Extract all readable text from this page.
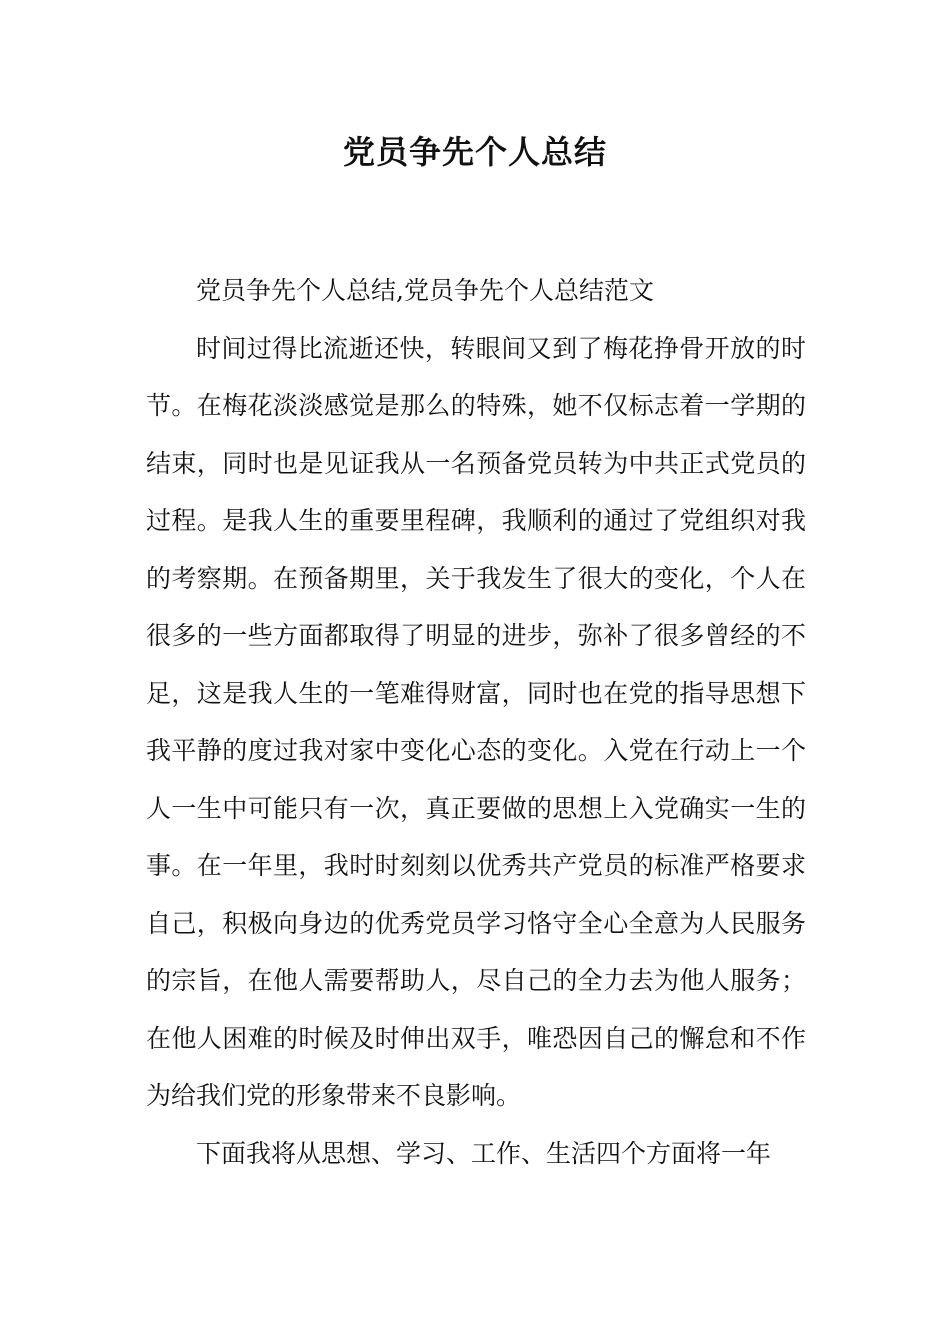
党员争先个人总结

党员争先个人总结,党员争先个人总结范文

时间过得比流逝还快，转眼间又到了梅花挣骨开放的时节。在梅花淡淡感觉是那么的特殊，她不仅标志着一学期的结束，同时也是见证我从一名预备党员转为中共正式党员的过程。是我人生的重要里程碑，我顺利的通过了党组织对我的考察期。在预备期里，关于我发生了很大的变化，个人在很多的一些方面都取得了明显的进步，弥补了很多曾经的不足，这是我人生的一笔难得财富，同时也在党的指导思想下我平静的度过我对家中变化心态的变化。入党在行动上一个人一生中可能只有一次，真正要做的思想上入党确实一生的事。在一年里，我时时刻刻以优秀共产党员的标准严格要求自己，积极向身边的优秀党员学习恪守全心全意为人民服务的宗旨，在他人需要帮助人，尽自己的全力去为他人服务；在他人困难的时候及时伸出双手，唯恐因自己的懈怠和不作为给我们党的形象带来不良影响。

下面我将从思想、学习、工作、生活四个方面将一年
